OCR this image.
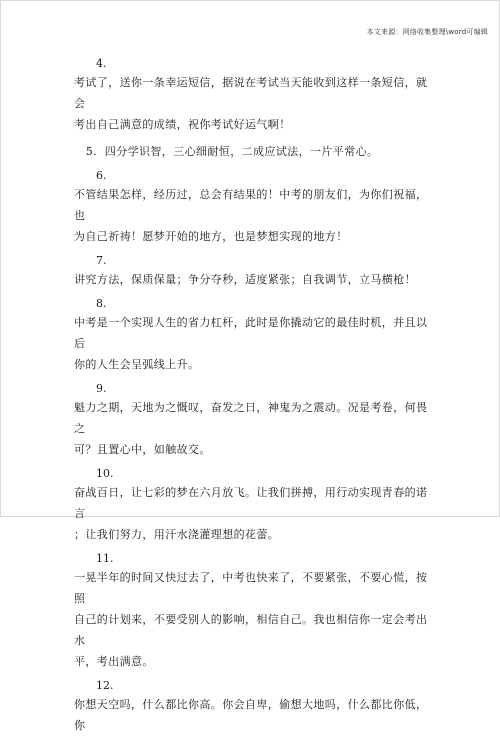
本文来源：网络收集整理\word可编辑
4.
考试了，送你一条幸运短信，据说在考试当天能收到这样一条短信，就会
考出自己满意的成绩，祝你考试好运气啊！
5.  四分学识智，三心细耐恒，二成应试法，一片平常心。
6.
不管结果怎样，经历过，总会有结果的！中考的朋友们，为你们祝福，也
为自己祈祷！愿梦开始的地方，也是梦想实现的地方！
7.
讲究方法，保质保量；争分夺秒，适度紧张；自我调节，立马横枪！
8.
中考是一个实现人生的省力杠杆，此时是你撬动它的最佳时机，并且以后
你的人生会呈弧线上升。
9.
魁力之期，天地为之慨叹，奋发之日，神鬼为之震动。况是考卷，何畏之
可？且置心中，如触故交。
10.
奋战百日，让七彩的梦在六月放飞。让我们拼搏，用行动实现青春的诺言
；让我们努力，用汗水浇灌理想的花蕾。
11.
一晃半年的时间又快过去了，中考也快来了，不要紧张，不要心慌，按照
自己的计划来，不要受别人的影响，相信自己。我也相信你一定会考出水
平，考出满意。
12.
你想天空吗，什么都比你高。你会自卑，偷想大地吗，什么都比你低，你
